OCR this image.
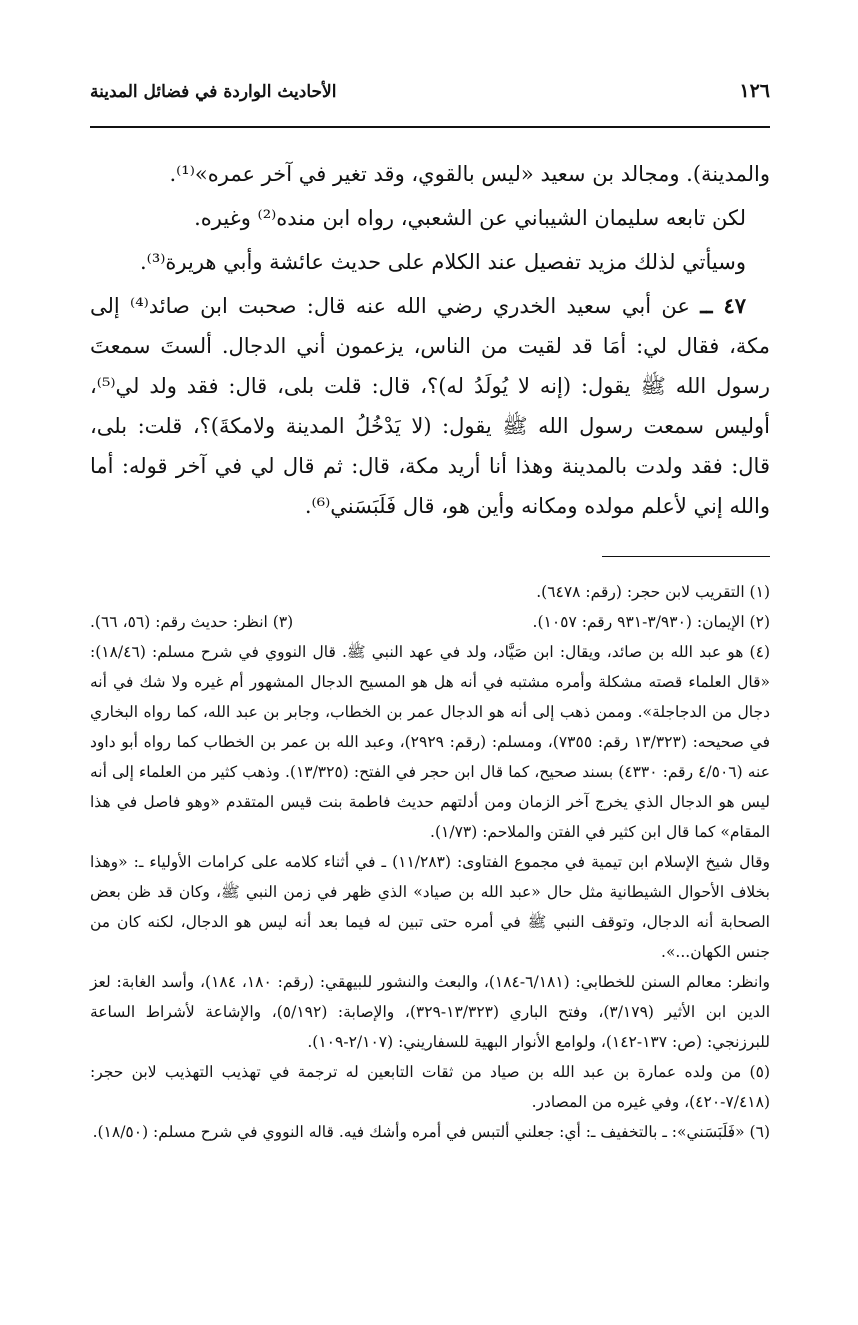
١٢٦
الأحاديث الواردة في فضائل المدينة

والمدينة). ومجالد بن سعيد «ليس بالقوي، وقد تغير في آخر عمره»⁽¹⁾.

لكن تابعه سليمان الشيباني عن الشعبي، رواه ابن منده⁽²⁾ وغيره.

وسيأتي لذلك مزيد تفصيل عند الكلام على حديث عائشة وأبي هريرة⁽³⁾.

٤٧ ــ عن أبي سعيد الخدري رضي الله عنه قال: صحبت ابن صائد⁽⁴⁾ إلى مكة، فقال لي: أمَا قد لقيت من الناس، يزعمون أني الدجال. ألستَ سمعتَ رسول الله ﷺ يقول: (إنه لا يُولَدُ له)؟، قال: قلت بلى، قال: فقد ولد لي⁽⁵⁾، أوليس سمعت رسول الله ﷺ يقول: (لا يَدْخُلُ المدينة ولامكةَ)؟، قلت: بلى، قال: فقد ولدت بالمدينة وهذا أنا أريد مكة، قال: ثم قال لي في آخر قوله: أما والله إني لأعلم مولده ومكانه وأين هو، قال فَلَبَسَني⁽⁶⁾.

(١) التقريب لابن حجر: (رقم: ٦٤٧٨).

(٢) الإيمان: (٣/٩٣٠-٩٣١ رقم: ١٠٥٧).
(٣) انظر: حديث رقم: (٥٦، ٦٦).

(٤) هو عبد الله بن صائد، ويقال: ابن صَيَّاد، ولد في عهد النبي ﷺ. قال النووي في شرح مسلم: (١٨/٤٦): «قال العلماء قصته مشكلة وأمره مشتبه في أنه هل هو المسيح الدجال المشهور أم غيره ولا شك في أنه دجال من الدجاجلة». وممن ذهب إلى أنه هو الدجال عمر بن الخطاب، وجابر بن عبد الله، كما رواه البخاري في صحيحه: (١٣/٣٢٣ رقم: ٧٣٥٥)، ومسلم: (رقم: ٢٩٢٩)، وعبد الله بن عمر بن الخطاب كما رواه أبو داود عنه (٤/٥٠٦ رقم: ٤٣٣٠) بسند صحيح، كما قال ابن حجر في الفتح: (١٣/٣٢٥). وذهب كثير من العلماء إلى أنه ليس هو الدجال الذي يخرج آخر الزمان ومن أدلتهم حديث فاطمة بنت قيس المتقدم «وهو فاصل في هذا المقام» كما قال ابن كثير في الفتن والملاحم: (١/٧٣).

وقال شيخ الإسلام ابن تيمية في مجموع الفتاوى: (١١/٢٨٣) ـ في أثناء كلامه على كرامات الأولياء ـ: «وهذا بخلاف الأحوال الشيطانية مثل حال «عبد الله بن صياد» الذي ظهر في زمن النبي ﷺ، وكان قد ظن بعض الصحابة أنه الدجال، وتوقف النبي ﷺ في أمره حتى تبين له فيما بعد أنه ليس هو الدجال، لكنه كان من جنس الكهان...».

وانظر: معالم السنن للخطابي: (٦/١٨١-١٨٤)، والبعث والنشور للبيهقي: (رقم: ١٨٠، ١٨٤)، وأسد الغابة: لعز الدين ابن الأثير (٣/١٧٩)، وفتح الباري (١٣/٣٢٣-٣٢٩)، والإصابة: (٥/١٩٢)، والإشاعة لأشراط الساعة للبرزنجي: (ص: ١٣٧-١٤٢)، ولوامع الأنوار البهية للسفاريني: (٢/١٠٧-١٠٩).

(٥) من ولده عمارة بن عبد الله بن صياد من ثقات التابعين له ترجمة في تهذيب التهذيب لابن حجر: (٧/٤١٨-٤٢٠)، وفي غيره من المصادر.

(٦) «فَلَبَسَني»: ـ بالتخفيف ـ: أي: جعلني ألتبس في أمره وأشك فيه. قاله النووي في شرح مسلم: (١٨/٥٠).
